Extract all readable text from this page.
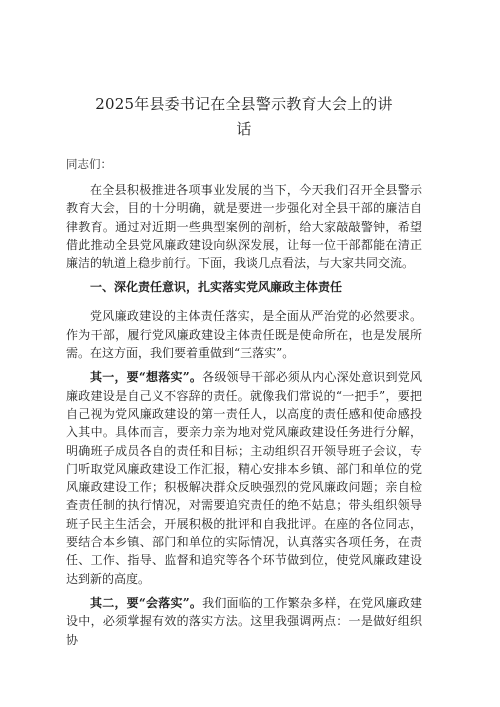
2025年县委书记在全县警示教育大会上的讲
话

同志们：

在全县积极推进各项事业发展的当下，今天我们召开全县警示教育大会，目的十分明确，就是要进一步强化对全县干部的廉洁自律教育。通过对近期一些典型案例的剖析，给大家敲敲警钟，希望借此推动全县党风廉政建设向纵深发展，让每一位干部都能在清正廉洁的轨道上稳步前行。下面，我谈几点看法，与大家共同交流。

一、深化责任意识，扎实落实党风廉政主体责任

党风廉政建设的主体责任落实，是全面从严治党的必然要求。作为干部，履行党风廉政建设主体责任既是使命所在，也是发展所需。在这方面，我们要着重做到“三落实”。

其一，要“想落实”。各级领导干部必须从内心深处意识到党风廉政建设是自己义不容辞的责任。就像我们常说的“一把手”，要把自己视为党风廉政建设的第一责任人，以高度的责任感和使命感投入其中。具体而言，要亲力亲为地对党风廉政建设任务进行分解，明确班子成员各自的责任和目标；主动组织召开领导班子会议，专门听取党风廉政建设工作汇报，精心安排本乡镇、部门和单位的党风廉政建设工作；积极解决群众反映强烈的党风廉政问题；亲自检查责任制的执行情况，对需要追究责任的绝不姑息；带头组织领导班子民主生活会，开展积极的批评和自我批评。在座的各位同志，要结合本乡镇、部门和单位的实际情况，认真落实各项任务，在责任、工作、指导、监督和追究等各个环节做到位，使党风廉政建设达到新的高度。

其二，要“会落实”。我们面临的工作繁杂多样，在党风廉政建设中，必须掌握有效的落实方法。这里我强调两点：一是做好组织协
